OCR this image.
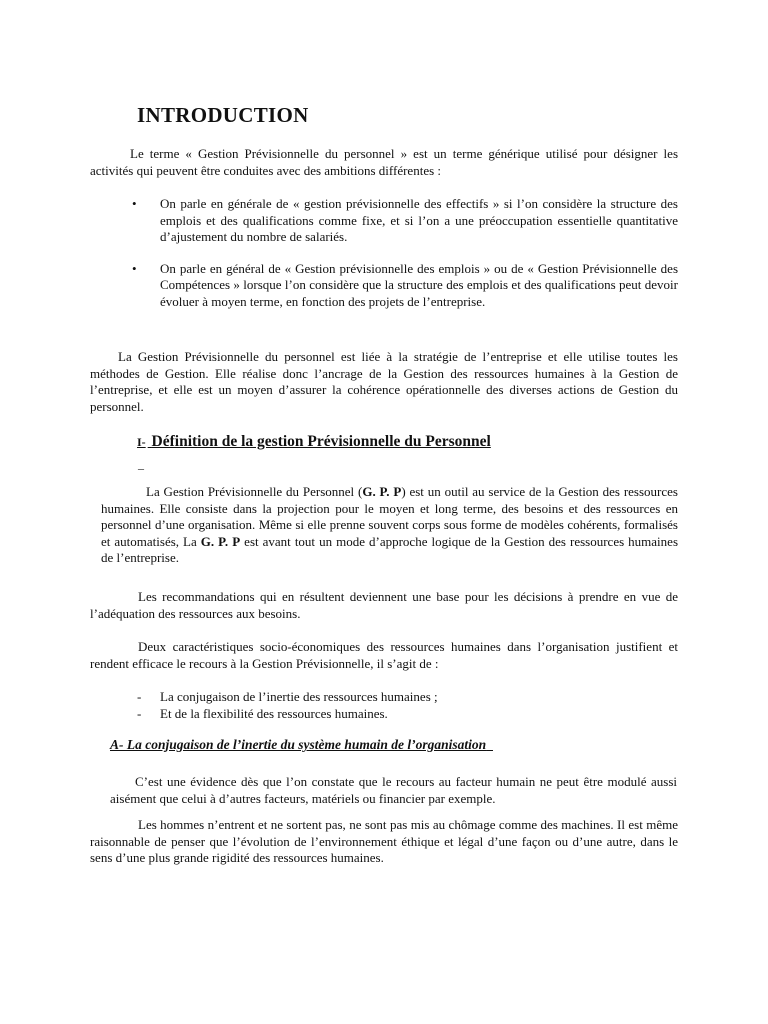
INTRODUCTION
Le terme « Gestion Prévisionnelle du personnel » est un terme générique utilisé pour désigner les activités qui peuvent être conduites avec des ambitions différentes :
• On parle en générale de « gestion prévisionnelle des effectifs » si l’on considère la structure des emplois et des qualifications comme fixe, et si l’on a une préoccupation essentielle quantitative d’ajustement du nombre de salariés.
• On parle en général de « Gestion prévisionnelle des emplois » ou de « Gestion Prévisionnelle des Compétences » lorsque l’on considère que la structure des emplois et des qualifications peut devoir évoluer à moyen terme, en fonction des projets de l’entreprise.
La Gestion Prévisionnelle du personnel est liée à la stratégie de l’entreprise et elle utilise toutes les méthodes de Gestion. Elle réalise donc l’ancrage de la Gestion des ressources humaines à la Gestion de l’entreprise, et elle est un moyen d’assurer la cohérence opérationnelle des diverses actions de Gestion du personnel.
I- Définition de la gestion Prévisionnelle du Personnel
_
La Gestion Prévisionnelle du Personnel (G. P. P) est un outil au service de la Gestion des ressources humaines. Elle consiste dans la projection pour le moyen et long terme, des besoins et des ressources en personnel d’une organisation. Même si elle prenne souvent corps sous forme de modèles cohérents, formalisés et automatisés, La G. P. P est avant tout un mode d’approche logique de la Gestion des ressources humaines de l’entreprise.
Les recommandations qui en résultent deviennent une base pour les décisions à prendre en vue de l’adéquation des ressources aux besoins.
Deux caractéristiques socio-économiques des ressources humaines dans l’organisation justifient et rendent efficace le recours à la Gestion Prévisionnelle, il s’agit de :
- La conjugaison de l’inertie des ressources humaines ;
- Et de la flexibilité des ressources humaines.
A- La conjugaison de l’inertie du système humain de l’organisation
C’est une évidence dès que l’on constate que le recours au facteur humain ne peut être modulé aussi aisément que celui à d’autres facteurs, matériels ou financier par exemple.
Les hommes n’entrent et ne sortent pas, ne sont pas mis au chômage comme des machines. Il est même raisonnable de penser que l’évolution de l’environnement éthique et légal d’une façon ou d’une autre, dans le sens d’une plus grande rigidité des ressources humaines.
